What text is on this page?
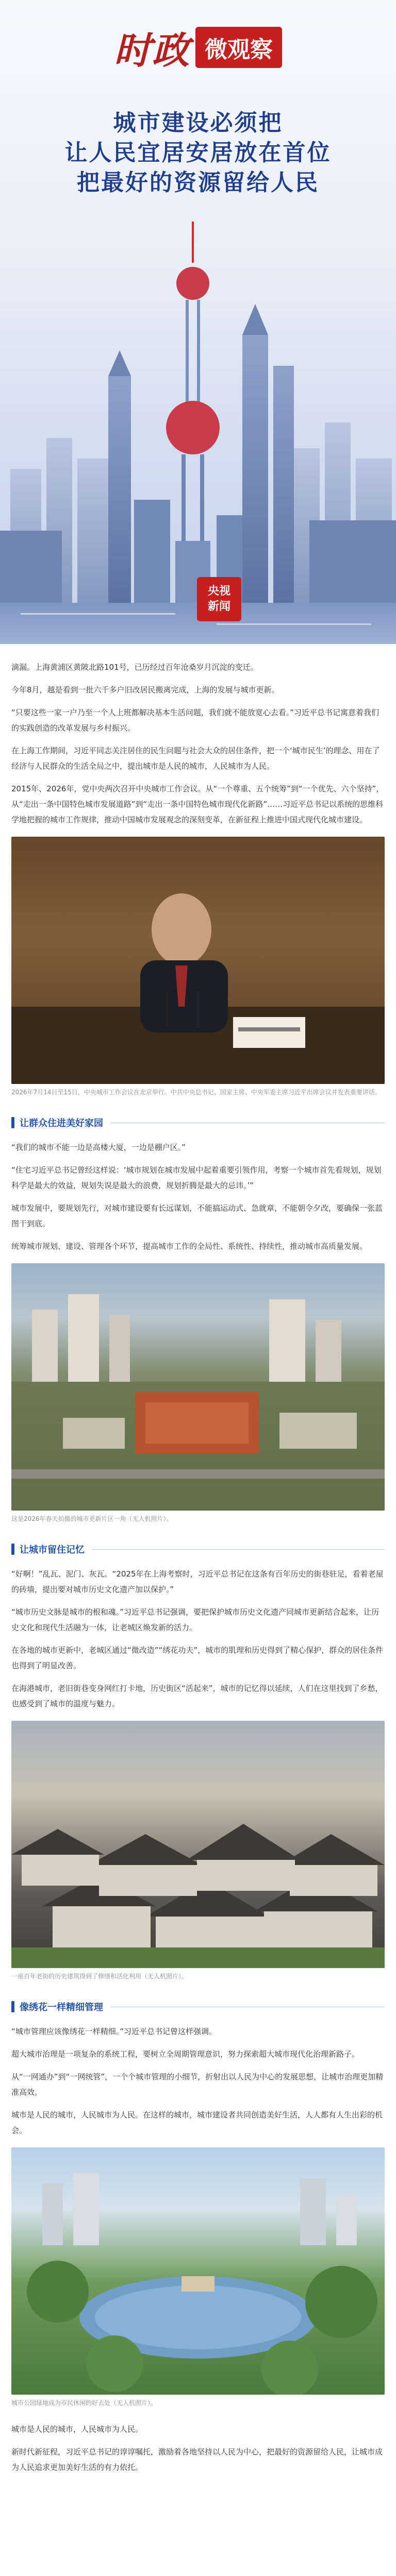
时政 微观察
城市建设必须把
让人民宜居安居放在首位
把最好的资源留给人民
央视
新闻

滴漏。上海黄浦区黄陂北路101号，已历经过百年沧桑岁月沉淀的变迁。

今年8月，越是看到一批六千多户旧改居民搬离完成，上海的发展与城市更新。

“只要这些一家一户乃至一个人上班都解决基本生活问题，我们就不能放宽心去看。”习近平总书记寓意着我们的实践创造的改革发展与乡村振兴。

在上海工作期间，习近平同志关注居住的民生问题与社会大众的居住条件，把一个‘城市民生’的理念、用在了经济与人民群众的生活全局之中，提出城市是人民的城市，人民城市为人民。

2015年、2026年，党中央两次召开中央城市工作会议。从“一个尊重、五个统筹”到“一个优先、六个坚持”，从“走出一条中国特色城市发展道路”到“走出一条中国特色城市现代化新路”……习近平总书记以系统的思维科学地把握的城市工作规律，推动中国城市发展观念的深刻变革，在新征程上推进中国式现代化城市建设。

2026年7月14日至15日，中央城市工作会议在北京举行。中共中央总书记、国家主席、中央军委主席习近平出席会议并发表重要讲话。

让群众住进美好家园

“我们的城市不能一边是高楼大厦，一边是棚户区。”

“住宅习近平总书记曾经这样说：‘城市规划在城市发展中起着重要引领作用，考察一个城市首先看规划，规划科学是最大的效益，规划失误是最大的浪费，规划折腾是最大的忌讳。’”

城市发展中，要规划先行，对城市建设要有长远谋划，不能搞运动式、急就章，不能朝令夕改，要确保一张蓝图干到底。

统筹城市规划、建设、管理各个环节，提高城市工作的全局性、系统性、持续性，推动城市高质量发展。

这是2026年春天拍摄的城市更新片区一角（无人机照片）。

让城市留住记忆

“好啊！”乱瓦、泥门、灰瓦。“2025年在上海考察时，习近平总书记在这条有百年历史的街巷驻足，看着老屋的砖墙，提出要对城市历史文化遗产加以保护。”

“城市历史文脉是城市的根和魂。”习近平总书记强调，要把保护城市历史文化遗产同城市更新结合起来，让历史文化和现代生活融为一体，让老城区焕发新的活力。

在各地的城市更新中，老城区通过“微改造”“绣花功夫”，城市的肌理和历史得到了精心保护，群众的居住条件也得到了明显改善。

在海港城市，老旧街巷变身网红打卡地，历史街区“活起来”，城市的记忆得以延续，人们在这里找到了乡愁，也感受到了城市的温度与魅力。

一座百年老街的历史建筑得到了修缮和活化利用（无人机照片）。

像绣花一样精细管理

“城市管理应该像绣花一样精细。”习近平总书记曾这样强调。

超大城市治理是一项复杂的系统工程，要树立全周期管理意识，努力探索超大城市现代化治理新路子。

从“一网通办”到“一网统管”，一个个城市管理的小细节，折射出以人民为中心的发展思想，让城市治理更加精准高效。

城市是人民的城市，人民城市为人民。在这样的城市，城市建设者共同创造美好生活，人人都有人生出彩的机会。

城市公园绿地成为市民休闲的好去处（无人机照片）。

城市是人民的城市，人民城市为人民。

新时代新征程，习近平总书记的谆谆嘱托，激励着各地坚持以人民为中心，把最好的资源留给人民，让城市成为人民追求更加美好生活的有力依托。
